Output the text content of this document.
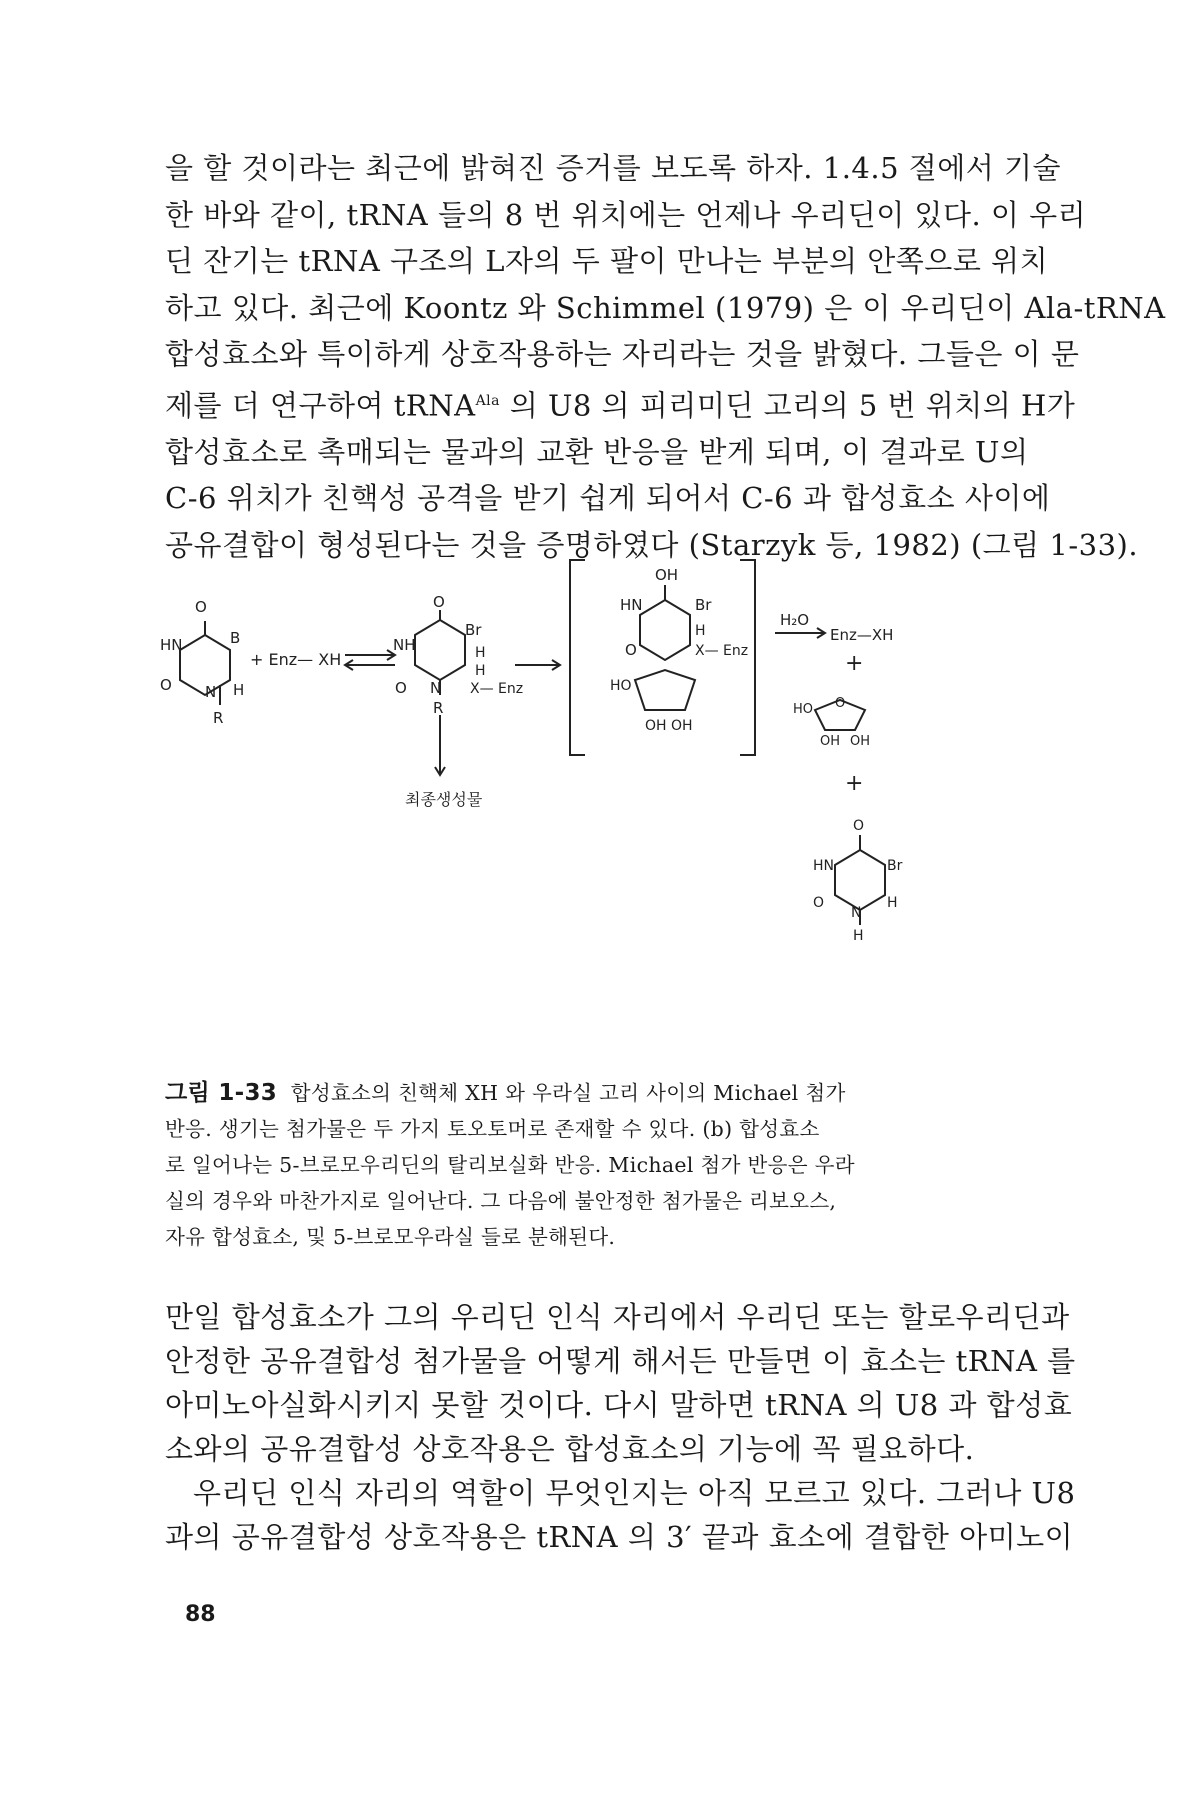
을 할 것이라는 최근에 밝혀진 증거를 보도록 하자. 1.4.5 절에서 기술
한 바와 같이, tRNA 들의 8 번 위치에는 언제나 우리딘이 있다. 이 우리
딘 잔기는 tRNA 구조의 L자의 두 팔이 만나는 부분의 안쪽으로 위치
하고 있다. 최근에 Koontz 와 Schimmel (1979) 은 이 우리딘이 Ala-tRNA
합성효소와 특이하게 상호작용하는 자리라는 것을 밝혔다. 그들은 이 문
제를 더 연구하여 tRNA$^{Ala}$ 의 U8 의 피리미딘 고리의 5 번 위치의 H가
합성효소로 촉매되는 물과의 교환 반응을 받게 되며, 이 결과로 U의
C-6 위치가 친핵성 공격을 받기 쉽게 되어서 C-6 과 합성효소 사이에
공유결합이 형성된다는 것을 증명하였다 (Starzyk 등, 1982) (그림 1-33).
O
HN	B
O N H
R
+ Enz— XH
O
NH
Br
H
H
O N X— Enz
R
최종생성물
OH
HN	Br
H
O	X— Enz
HO
OH OH
H₂O
Enz—XH
+
HO O
OH OH
+
O
HN	Br
O
N
H
H
그림 1-33 합성효소의 친핵체 XH 와 우라실 고리 사이의 Michael 첨가
반응. 생기는 첨가물은 두 가지 토오토머로 존재할 수 있다. (b) 합성효소
로 일어나는 5-브로모우리딘의 탈리보실화 반응. Michael 첨가 반응은 우라
실의 경우와 마찬가지로 일어난다. 그 다음에 불안정한 첨가물은 리보오스,
자유 합성효소, 및 5-브로모우라실 들로 분해된다.
만일 합성효소가 그의 우리딘 인식 자리에서 우리딘 또는 할로우리딘과
안정한 공유결합성 첨가물을 어떻게 해서든 만들면 이 효소는 tRNA 를
아미노아실화시키지 못할 것이다. 다시 말하면 tRNA 의 U8 과 합성효
소와의 공유결합성 상호작용은 합성효소의 기능에 꼭 필요하다.
우리딘 인식 자리의 역할이 무엇인지는 아직 모르고 있다. 그러나 U8
과의 공유결합성 상호작용은 tRNA 의 3′ 끝과 효소에 결합한 아미노이
88
